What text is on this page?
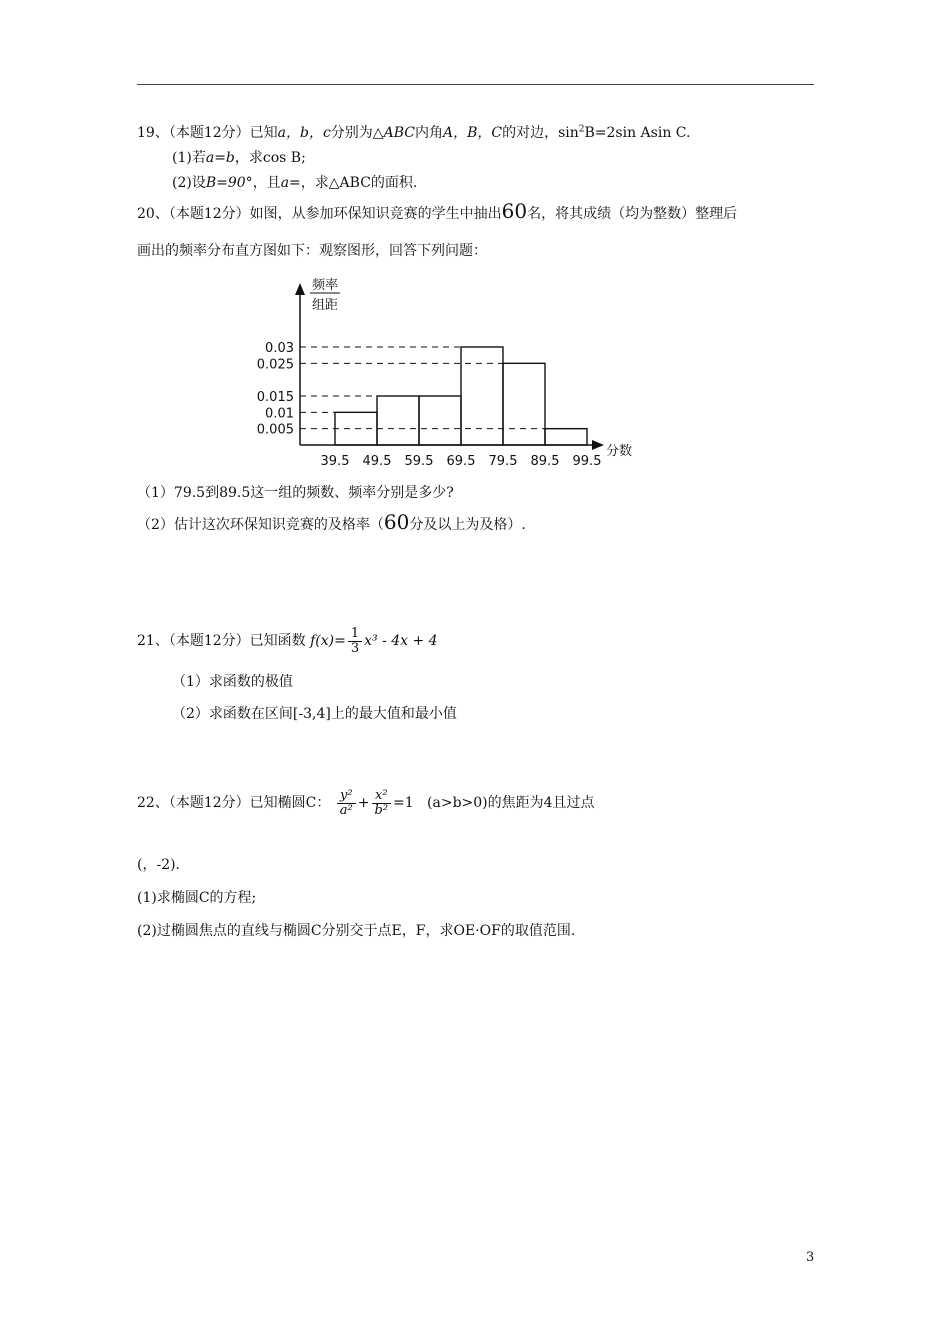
19、（本题12分）已知a，b，c分别为△ABC内角A，B，C的对边，$\sin^2B=2\sin$ Asin C.
(1)若a=b，求cos B;
(2)设B=90°，且a=，求△ABC的面积.
20、（本题12分）如图，从参加环保知识竞赛的学生中抽出60名，将其成绩（均为整数）整理后
画出的频率分布直方图如下：观察图形，回答下列问题：
频率
组距
分数
0.005
0.01
0.015
0.025
0.03
39.5 49.5 59.5 69.5 79.5 89.5 99.5
（1）79.5到89.5这一组的频数、频率分别是多少?
（2）估计这次环保知识竞赛的及格率（60分及以上为及格）.
21、（本题12分）已知函数 $f(x)= \frac{1}{3} x^3 - 4x + 4$
（1）求函数的极值
（2）求函数在区间[-3,4]上的最大值和最小值
22、（本题12分）已知椭圆C： $\frac{\text{y²}}{\text{a²}} + \frac{\text{x²}}{\text{b²}} =1$ (a>b>0)的焦距为4且过点
(，-2).
(1)求椭圆C的方程;
(2)过椭圆焦点的直线与椭圆C分别交于点E，F，求OE·OF的取值范围.
3
